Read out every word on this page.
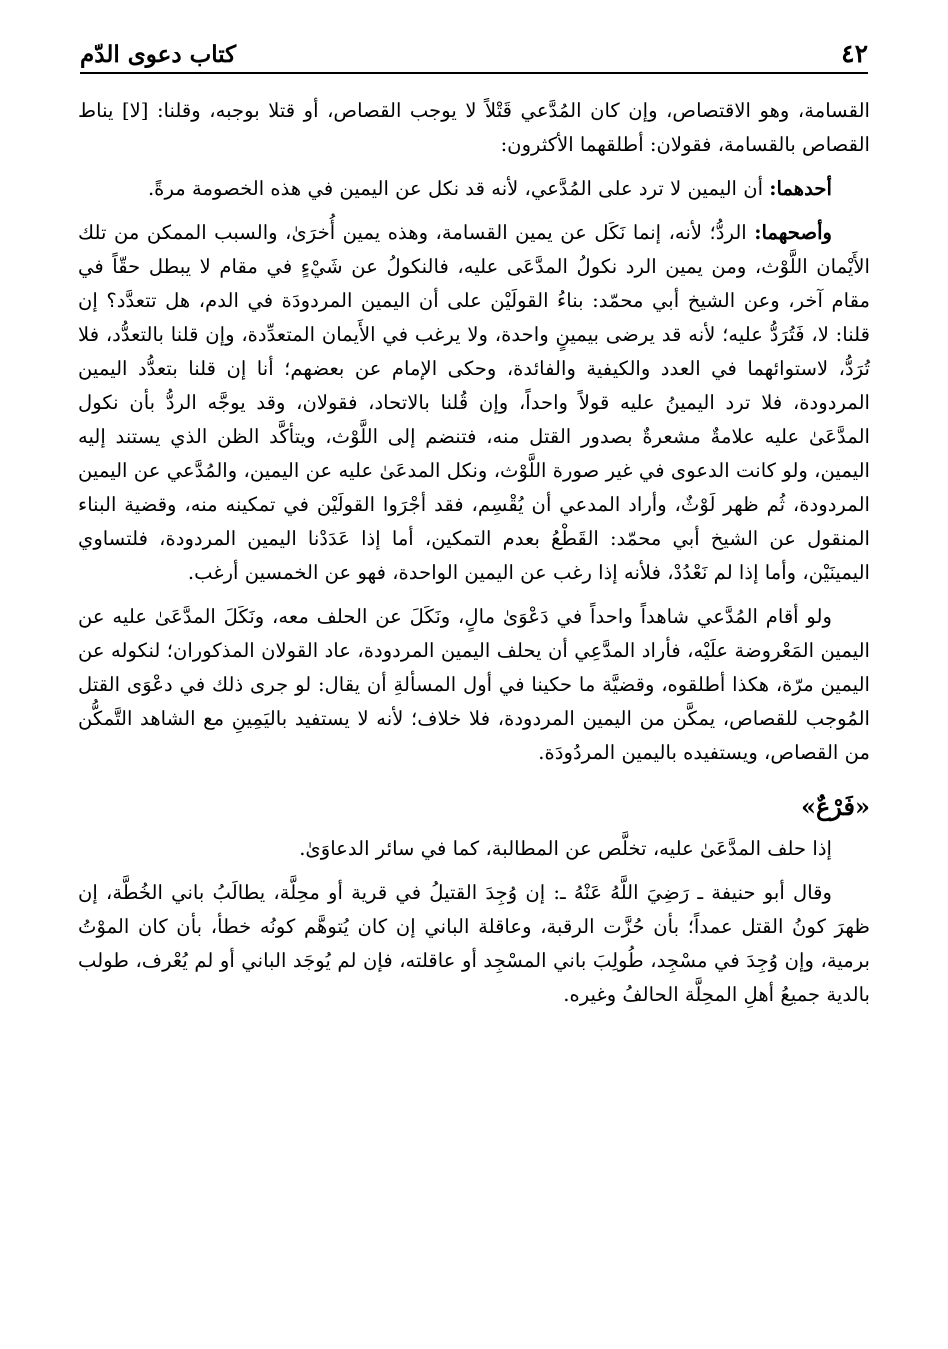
٤٢
كتاب دعوى الدّم

القسامة، وهو الاقتصاص، وإن كان المُدَّعي قَتْلاً لا يوجب القصاص، أو قتلا بوجبه، وقلنا: [لا] يناط القصاص بالقسامة، فقولان: أطلقهما الأكثرون:

أحدهما: أن اليمين لا ترد على المُدَّعي، لأنه قد نكل عن اليمين في هذه الخصومة مرةً.

وأصحهما: الردُّ؛ لأنه، إنما نَكَل عن يمين القسامة، وهذه يمين أُخرَىٰ، والسبب الممكن من تلك الأَيْمان اللَّوْث، ومن يمين الرد نكولُ المدَّعَى عليه، فالنكولُ عن شَيْءٍ في مقام لا يبطل حقّاً في مقام آخر، وعن الشيخ أبي محمّد: بناءُ القولَيْن على أن اليمين المردودَة في الدم، هل تتعدَّد؟ إن قلنا: لا، فَتُرَدُّ عليه؛ لأنه قد يرضى بيمينٍ واحدة، ولا يرغب في الأَيمان المتعدِّدة، وإن قلنا بالتعدُّد، فلا تُرَدُّ، لاستوائهما في العدد والكيفية والفائدة، وحكى الإمام عن بعضهم؛ أنا إن قلنا بتعدُّد اليمين المردودة، فلا ترد اليمينُ عليه قولاً واحداً، وإن قُلنا بالاتحاد، فقولان، وقد يوجَّه الردُّ بأن نكول المدَّعَىٰ عليه علامةٌ مشعرةٌ بصدور القتل منه، فتنضم إلى اللَّوْث، ويتأكَّد الظن الذي يستند إليه اليمين، ولو كانت الدعوى في غير صورة اللَّوْث، ونكل المدعَىٰ عليه عن اليمين، والمُدَّعي عن اليمين المردودة، ثُم ظهر لَوْثٌ، وأراد المدعي أن يُقْسِم، فقد أجْرَوا القولَيْن في تمكينه منه، وقضية البناء المنقول عن الشيخ أبي محمّد: القَطْعُ بعدم التمكين، أما إذا عَدَدْنا اليمين المردودة، فلتساوي اليمينَيْن، وأما إذا لم نَعْدُدْ، فلأنه إذا رغب عن اليمين الواحدة، فهو عن الخمسين أرغب.

ولو أقام المُدَّعي شاهداً واحداً في دَعْوَىٰ مالٍ، ونَكَلَ عن الحلف معه، ونَكَلَ المدَّعَىٰ عليه عن اليمين المَعْروضة علَيْه، فأراد المدَّعِي أن يحلف اليمين المردودة، عاد القولان المذكوران؛ لنكوله عن اليمين مرّة، هكذا أطلقوه، وقضيَّة ما حكينا في أول المسألةِ أن يقال: لو جرى ذلك في دعْوَى القتل المُوجب للقصاص، يمكَّن من اليمين المردودة، فلا خلاف؛ لأنه لا يستفيد باليَمِينِ مع الشاهد التَّمكُّن من القصاص، ويستفيده باليمين المردُودَة.

«فَرْعٌ»

إذا حلف المدَّعَىٰ عليه، تخلَّص عن المطالبة، كما في سائر الدعاوَىٰ.

وقال أبو حنيفة ـ رَضِيَ اللَّهُ عَنْهُ ـ: إن وُجِدَ القتيلُ في قرية أو محِلَّة، يطالَبُ باني الخُطَّة، إن ظهرَ كونُ القتل عمداً؛ بأن حُزَّت الرقبة، وعاقلة الباني إن كان يُتوهَّم كونُه خطأ، بأن كان الموْتُ برمية، وإن وُجِدَ في مسْجِد، طُولِبَ باني المسْجِد أو عاقلته، فإن لم يُوجَد الباني أو لم يُعْرف، طولب بالدية جميعُ أهلِ المحِلَّة الحالفُ وغيره.
